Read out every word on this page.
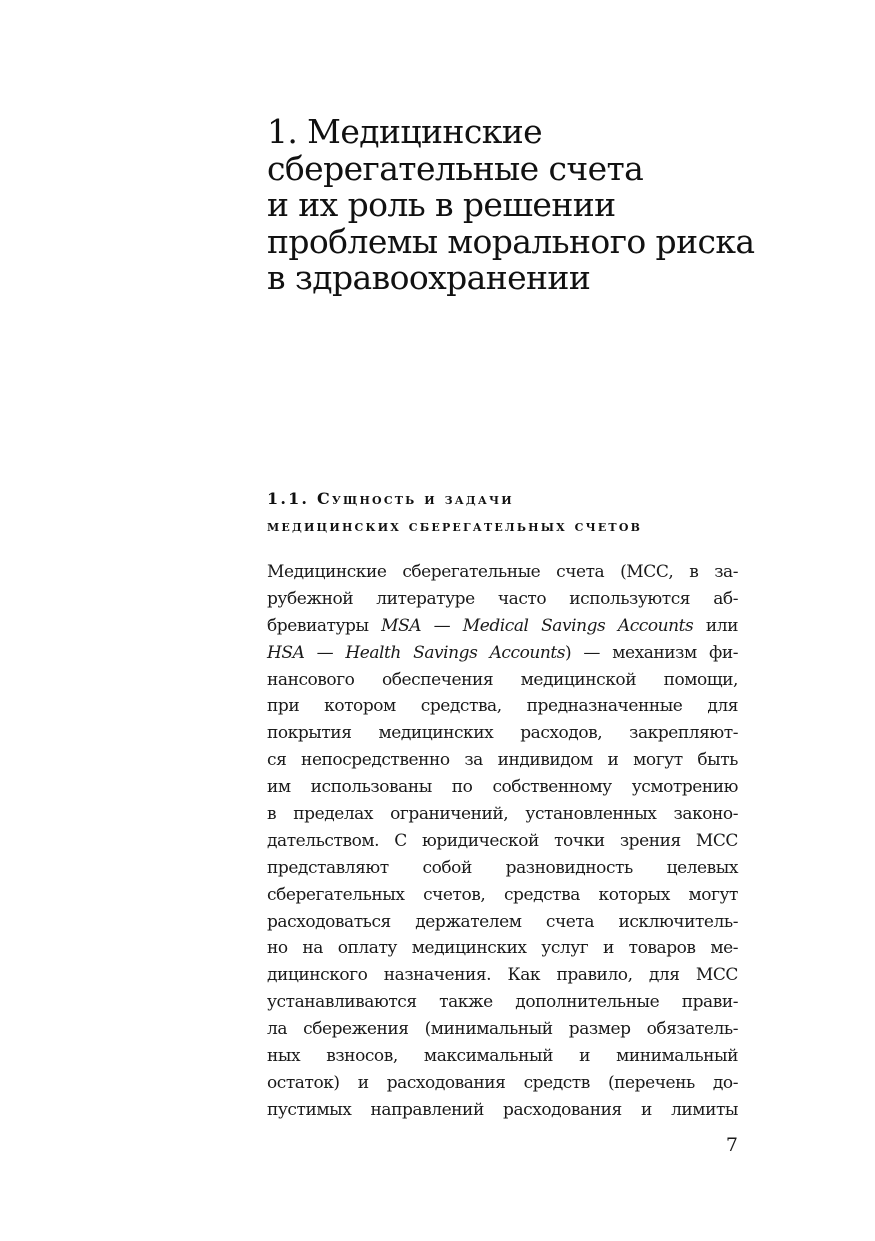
1. Медицинские
сберегательные счета
и их роль в решении
проблемы морального риска
в здравоохранении
1.1. Сущность и задачи
медицинских сберегательных счетов
Медицинские сберегательные счета (МСС, в за-
рубежной литературе часто используются аб-
бревиатуры MSA — Medical Savings Accounts или
HSA — Health Savings Accounts) — механизм фи-
нансового обеспечения медицинской помощи,
при котором средства, предназначенные для
покрытия медицинских расходов, закрепляют-
ся непосредственно за индивидом и могут быть
им использованы по собственному усмотрению
в пределах ограничений, установленных законо-
дательством. С юридической точки зрения МСС
представляют собой разновидность целевых
сберегательных счетов, средства которых могут
расходоваться держателем счета исключитель-
но на оплату медицинских услуг и товаров ме-
дицинского назначения. Как правило, для МСС
устанавливаются также дополнительные прави-
ла сбережения (минимальный размер обязатель-
ных взносов, максимальный и минимальный
остаток) и расходования средств (перечень до-
пустимых направлений расходования и лимиты
7
